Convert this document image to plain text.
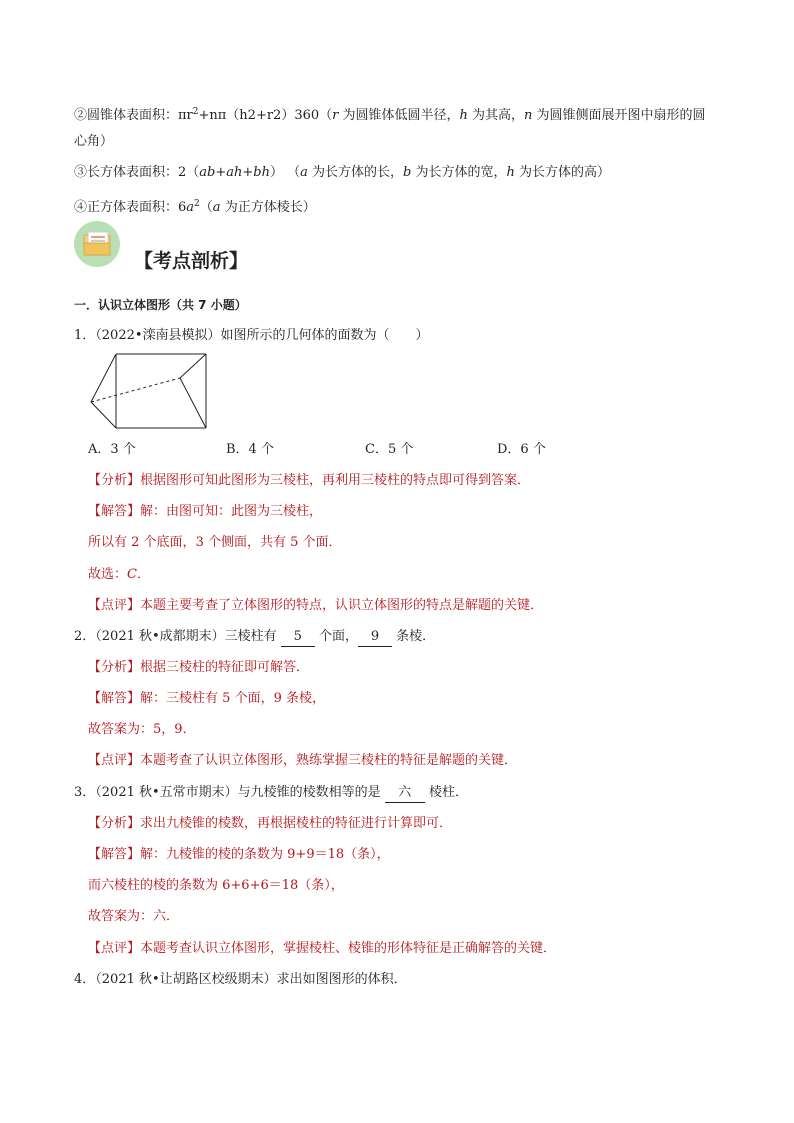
②圆锥体表面积：$\pi r^2+n\pi(h2+r2)360(r$ 为圆锥体低圆半径，h 为其高，n 为圆锥侧面展开图中扇形的圆
心角）
③长方体表面积：2（ab+ah+bh） （a 为长方体的长，b 为长方体的宽，h 为长方体的高）
④正方体表面积：$6a^2(a$ 为正方体棱长）
【考点剖析】
一．认识立体图形（共 7 小题）
1．（2022•滦南县模拟）如图所示的几何体的面数为（　　）
A．3 个	B．4 个	C．5 个	D．6 个
【分析】根据图形可知此图形为三棱柱，再利用三棱柱的特点即可得到答案．
【解答】解：由图可知：此图为三棱柱，
所以有 2 个底面，3 个侧面，共有 5 个面．
故选：C．
【点评】本题主要考查了立体图形的特点，认识立体图形的特点是解题的关键．
2．（2021 秋•成都期末）三棱柱有 5 个面， 9 条棱．
【分析】根据三棱柱的特征即可解答．
【解答】解：三棱柱有 5 个面，9 条棱，
故答案为：5，9．
【点评】本题考查了认识立体图形，熟练掌握三棱柱的特征是解题的关键．
3．（2021 秋•五常市期末）与九棱锥的棱数相等的是 六 棱柱．
【分析】求出九棱锥的棱数，再根据棱柱的特征进行计算即可．
【解答】解：九棱锥的棱的条数为 9+9＝18（条），
而六棱柱的棱的条数为 6+6+6＝18（条），
故答案为：六．
【点评】本题考查认识立体图形，掌握棱柱、棱锥的形体特征是正确解答的关键．
4．（2021 秋•让胡路区校级期末）求出如图图形的体积．
